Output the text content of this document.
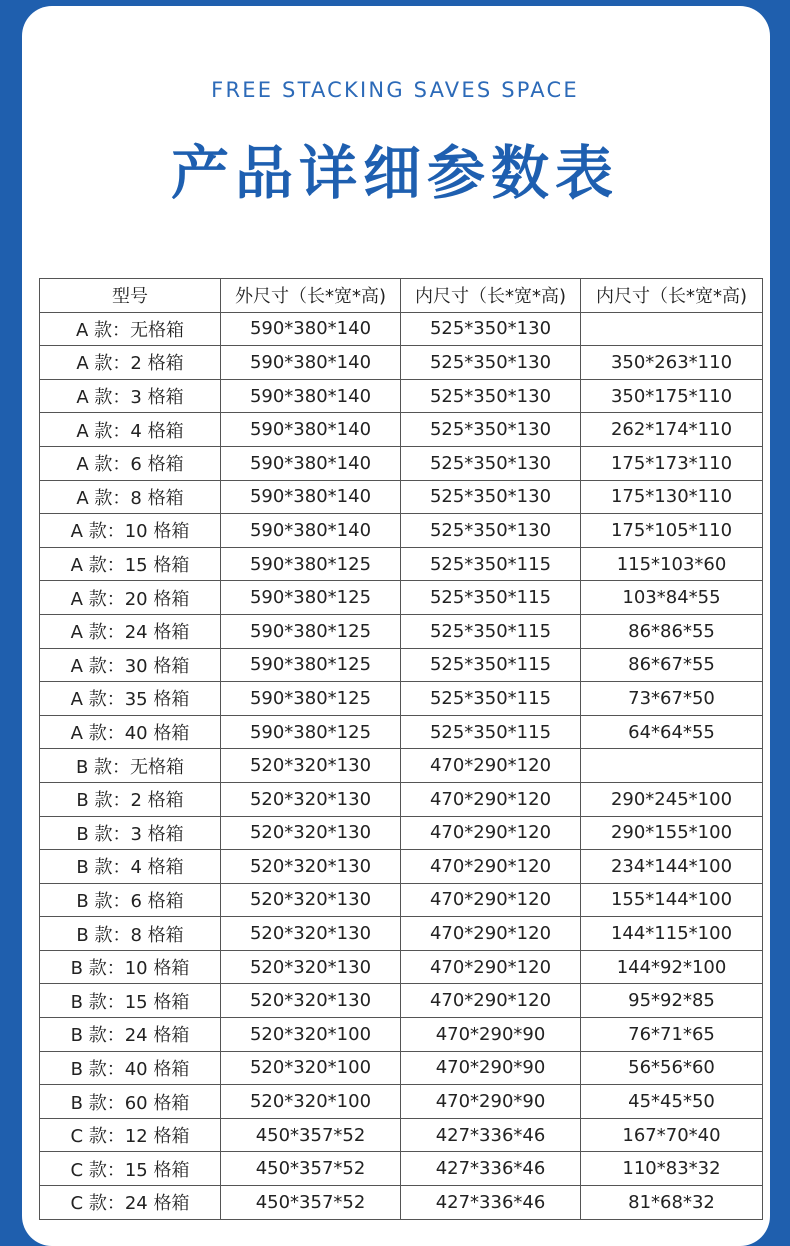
FREE STACKING SAVES SPACE
产品详细参数表
型号	外尺寸（长*宽*高)	内尺寸（长*宽*高)	内尺寸（长*宽*高)
A 款：无格箱	590*380*140	525*350*130	
A 款：2 格箱	590*380*140	525*350*130	350*263*110
A 款：3 格箱	590*380*140	525*350*130	350*175*110
A 款：4 格箱	590*380*140	525*350*130	262*174*110
A 款：6 格箱	590*380*140	525*350*130	175*173*110
A 款：8 格箱	590*380*140	525*350*130	175*130*110
A 款：10 格箱	590*380*140	525*350*130	175*105*110
A 款：15 格箱	590*380*125	525*350*115	115*103*60
A 款：20 格箱	590*380*125	525*350*115	103*84*55
A 款：24 格箱	590*380*125	525*350*115	86*86*55
A 款：30 格箱	590*380*125	525*350*115	86*67*55
A 款：35 格箱	590*380*125	525*350*115	73*67*50
A 款：40 格箱	590*380*125	525*350*115	64*64*55
B 款：无格箱	520*320*130	470*290*120	
B 款：2 格箱	520*320*130	470*290*120	290*245*100
B 款：3 格箱	520*320*130	470*290*120	290*155*100
B 款：4 格箱	520*320*130	470*290*120	234*144*100
B 款：6 格箱	520*320*130	470*290*120	155*144*100
B 款：8 格箱	520*320*130	470*290*120	144*115*100
B 款：10 格箱	520*320*130	470*290*120	144*92*100
B 款：15 格箱	520*320*130	470*290*120	95*92*85
B 款：24 格箱	520*320*100	470*290*90	76*71*65
B 款：40 格箱	520*320*100	470*290*90	56*56*60
B 款：60 格箱	520*320*100	470*290*90	45*45*50
C 款：12 格箱	450*357*52	427*336*46	167*70*40
C 款：15 格箱	450*357*52	427*336*46	110*83*32
C 款：24 格箱	450*357*52	427*336*46	81*68*32
